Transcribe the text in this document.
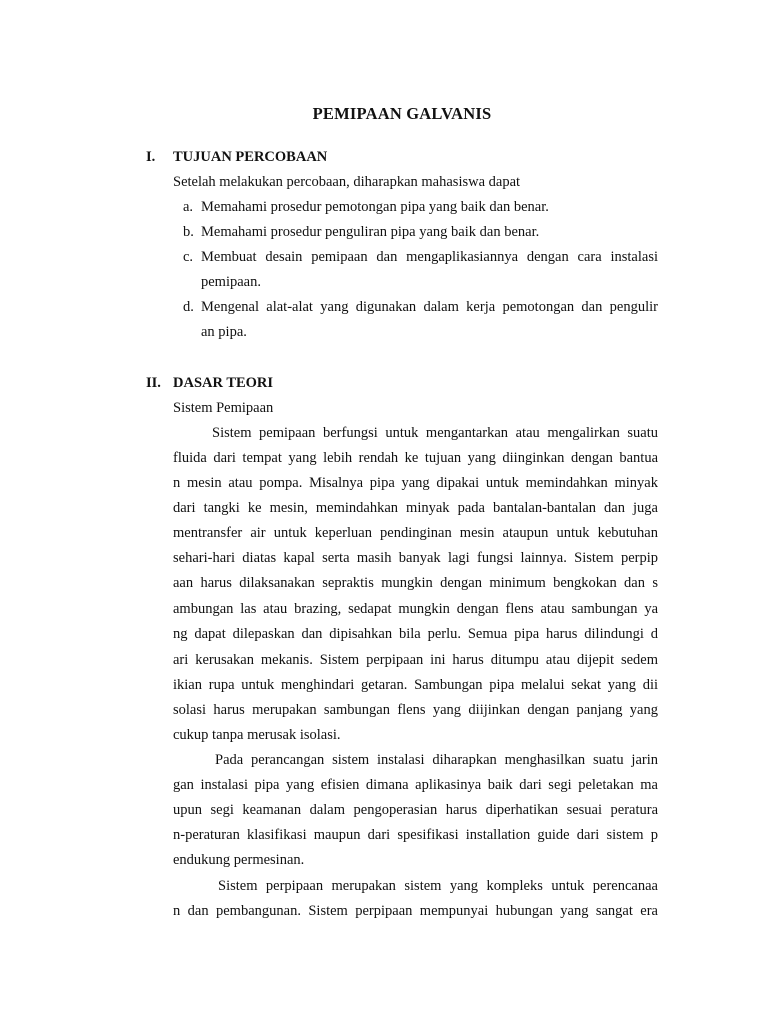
PEMIPAAN GALVANIS
I. TUJUAN PERCOBAAN
Setelah melakukan percobaan, diharapkan mahasiswa dapat
a. Memahami prosedur pemotongan pipa yang baik dan benar.
b. Memahami prosedur penguliran pipa yang baik dan benar.
c. Membuat desain pemipaan dan mengaplikasiannya dengan cara instalasi
pemipaan.
d. Mengenal alat-alat yang digunakan dalam kerja pemotongan dan pengulir
an pipa.
II. DASAR TEORI
Sistem Pemipaan
Sistem pemipaan berfungsi untuk mengantarkan atau mengalirkan suatu
fluida dari tempat yang lebih rendah ke tujuan yang diinginkan dengan bantua
n mesin atau pompa. Misalnya pipa yang dipakai untuk memindahkan minyak
dari tangki ke mesin, memindahkan minyak pada bantalan-bantalan dan juga
mentransfer air untuk keperluan pendinginan mesin ataupun untuk kebutuhan
sehari-hari diatas kapal serta masih banyak lagi fungsi lainnya. Sistem perpip
aan harus dilaksanakan sepraktis mungkin dengan minimum bengkokan dan s
ambungan las atau brazing, sedapat mungkin dengan flens atau sambungan ya
ng dapat dilepaskan dan dipisahkan bila perlu. Semua pipa harus dilindungi d
ari kerusakan mekanis. Sistem perpipaan ini harus ditumpu atau dijepit sedem
ikian rupa untuk menghindari getaran. Sambungan pipa melalui sekat yang dii
solasi harus merupakan sambungan flens yang diijinkan dengan panjang yang
cukup tanpa merusak isolasi.
Pada perancangan sistem instalasi diharapkan menghasilkan suatu jarin
gan instalasi pipa yang efisien dimana aplikasinya baik dari segi peletakan ma
upun segi keamanan dalam pengoperasian harus diperhatikan sesuai peratura
n-peraturan klasifikasi maupun dari spesifikasi installation guide dari sistem p
endukung permesinan.
Sistem perpipaan merupakan sistem yang kompleks untuk perencanaa
n dan pembangunan. Sistem perpipaan mempunyai hubungan yang sangat era
